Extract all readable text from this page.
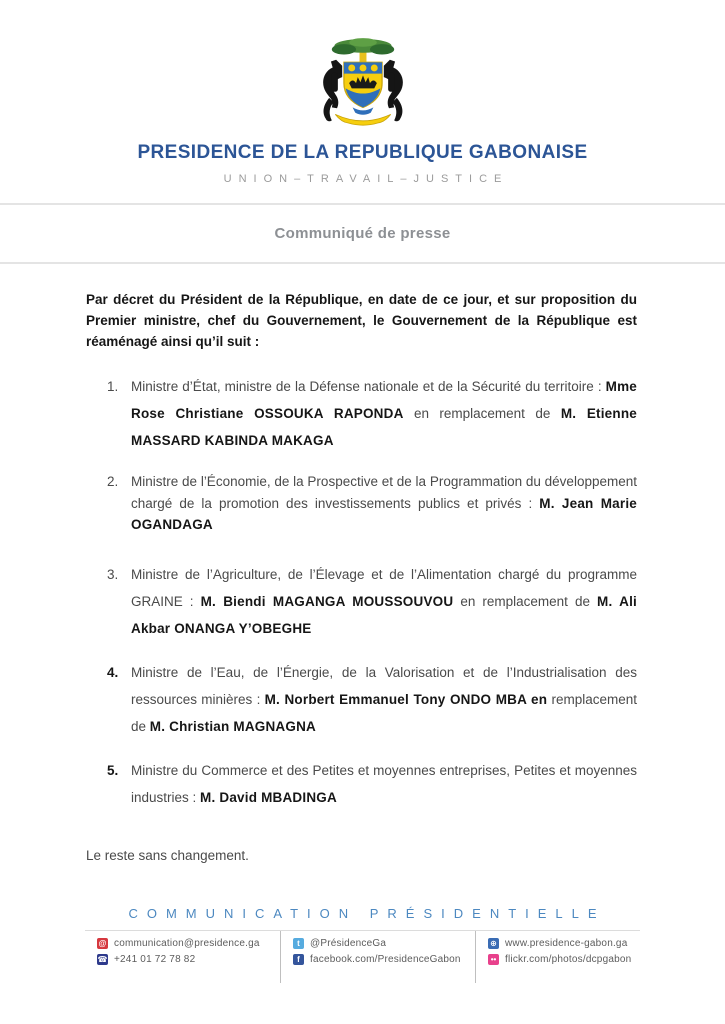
PRESIDENCE DE LA REPUBLIQUE GABONAISE
UNION–TRAVAIL–JUSTICE
Communiqué de presse

Par décret du Président de la République, en date de ce jour, et sur proposition du Premier ministre, chef du Gouvernement, le Gouvernement de la République est réaménagé ainsi qu’il suit :

1. Ministre d’État, ministre de la Défense nationale et de la Sécurité du territoire : Mme Rose Christiane OSSOUKA RAPONDA en remplacement de M. Etienne MASSARD KABINDA MAKAGA
2. Ministre de l’Économie, de la Prospective et de la Programmation du développement chargé de la promotion des investissements publics et privés : M. Jean Marie OGANDAGA
3. Ministre de l’Agriculture, de l’Élevage et de l’Alimentation chargé du programme GRAINE : M. Biendi MAGANGA MOUSSOUVOU en remplacement de M. Ali Akbar ONANGA Y’OBEGHE
4. Ministre de l’Eau, de l’Énergie, de la Valorisation et de l’Industrialisation des ressources minières : M. Norbert Emmanuel Tony ONDO MBA en remplacement de M. Christian MAGNAGNA
5. Ministre du Commerce et des Petites et moyennes entreprises, Petites et moyennes industries : M. David MBADINGA

Le reste sans changement.

COMMUNICATION PRÉSIDENTIELLE
@ communication@presidence.ga
☎ +241 01 72 78 82
t	@PrésidenceGa
f	facebook.com/PresidenceGabon
⊕ www.presidence-gabon.ga
•• flickr.com/photos/dcpgabon
